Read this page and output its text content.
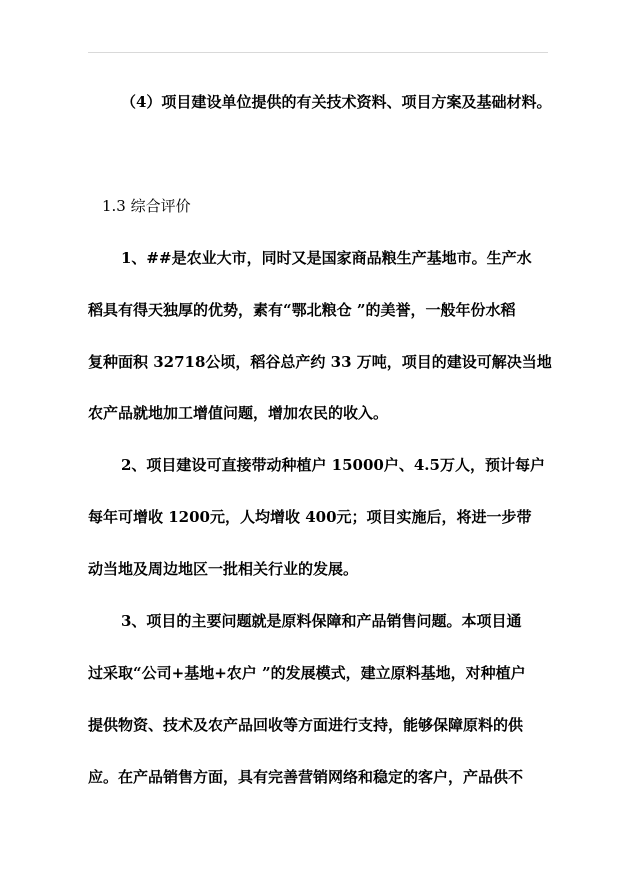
（4）项目建设单位提供的有关技术资料、项目方案及基础材料。
1.3 综合评价
1、##是农业大市，同时又是国家商品粮生产基地市。生产水
稻具有得天独厚的优势，素有“鄂北粮仓 ”的美誉，一般年份水稻
复种面积 32718公顷，稻谷总产约 33 万吨，项目的建设可解决当地
农产品就地加工增值问题，增加农民的收入。
2、项目建设可直接带动种植户 15000户、4.5万人，预计每户
每年可增收 1200元，人均增收 400元；项目实施后，将进一步带
动当地及周边地区一批相关行业的发展。
3、项目的主要问题就是原料保障和产品销售问题。本项目通
过采取“公司+基地+农户 ”的发展模式，建立原料基地，对种植户
提供物资、技术及农产品回收等方面进行支持，能够保障原料的供
应。在产品销售方面，具有完善营销网络和稳定的客户，产品供不
